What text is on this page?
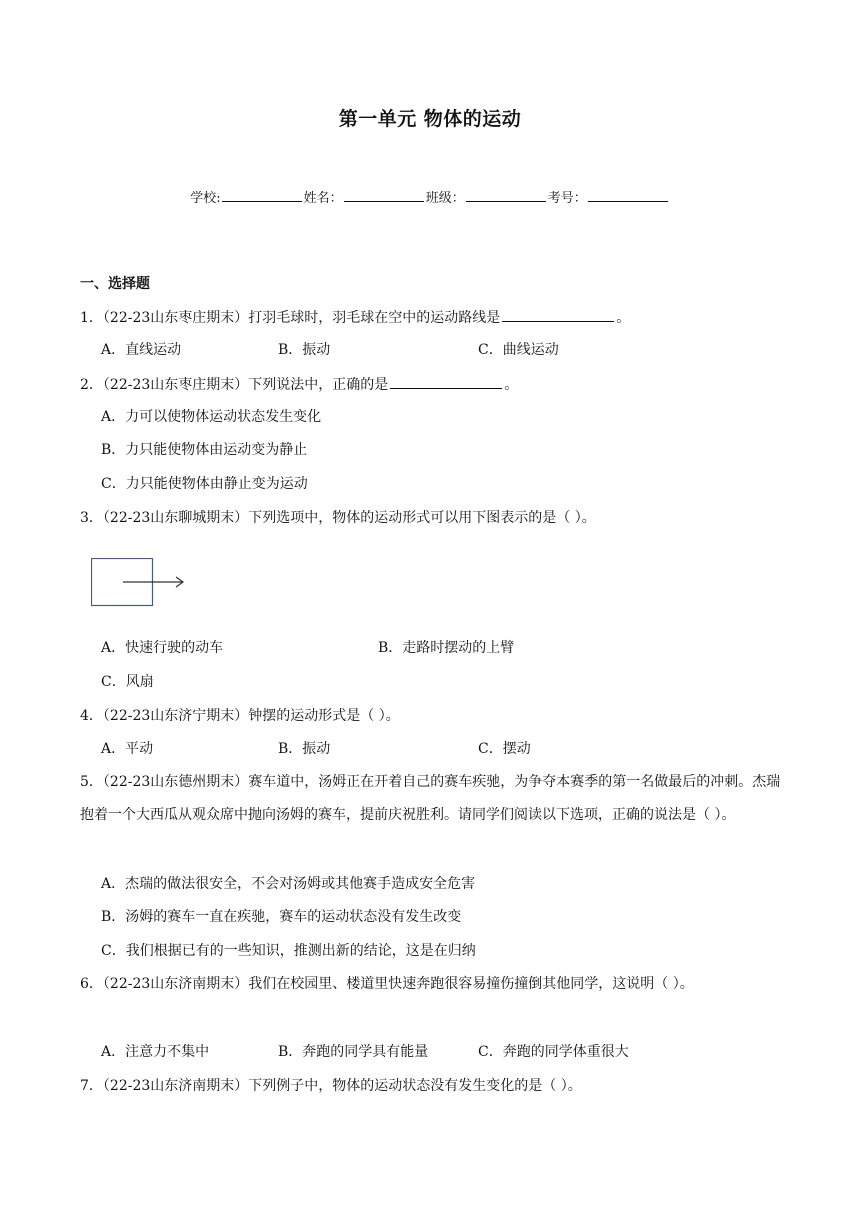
第一单元 物体的运动
学校:	姓名：	班级：	考号：
一、选择题
1．（22-23山东枣庄期末）打羽毛球时，羽毛球在空中的运动路线是	。
A．直线运动	B．振动	C．曲线运动
2．（22-23山东枣庄期末）下列说法中，正确的是	。
A．力可以使物体运动状态发生变化
B．力只能使物体由运动变为静止
C．力只能使物体由静止变为运动
3．（22-23山东聊城期末）下列选项中，物体的运动形式可以用下图表示的是（ ）。
A．快速行驶的动车	B．走路时摆动的上臂
C．风扇
4．（22-23山东济宁期末）钟摆的运动形式是（ ）。
A．平动	B．振动	C．摆动
5．（22-23山东德州期末）赛车道中，汤姆正在开着自己的赛车疾驰，为争夺本赛季的第一名做最后的冲刺。杰瑞抱着一个大西瓜从观众席中抛向汤姆的赛车，提前庆祝胜利。请同学们阅读以下选项，正确的说法是（ ）。
A．杰瑞的做法很安全，不会对汤姆或其他赛手造成安全危害
B．汤姆的赛车一直在疾驰，赛车的运动状态没有发生改变
C．我们根据已有的一些知识，推测出新的结论，这是在归纳
6．（22-23山东济南期末）我们在校园里、楼道里快速奔跑很容易撞伤撞倒其他同学，这说明（ ）。
A．注意力不集中	B．奔跑的同学具有能量	C．奔跑的同学体重很大
7．（22-23山东济南期末）下列例子中，物体的运动状态没有发生变化的是（ ）。
